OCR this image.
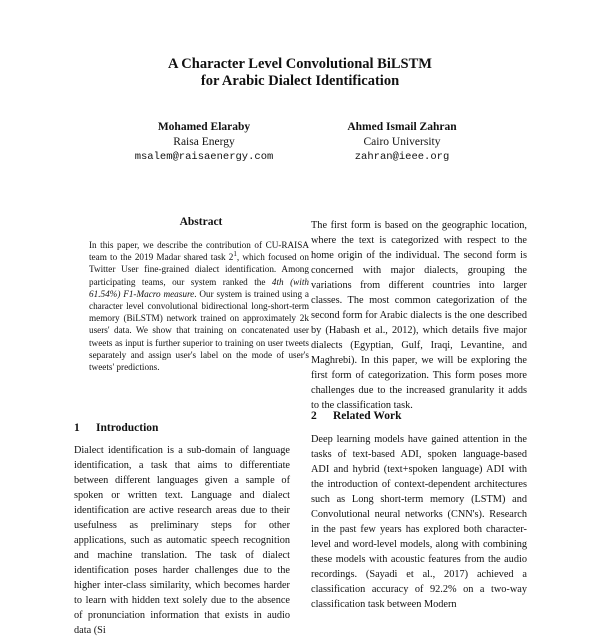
A Character Level Convolutional BiLSTM
for Arabic Dialect Identification
Mohamed Elaraby
Raisa Energy
msalem@raisaenergy.com
Ahmed Ismail Zahran
Cairo University
zahran@ieee.org
Abstract

In this paper, we describe the contribution of CU-RAISA team to the 2019 Madar shared task $2^1$, which focused on Twitter User fine-grained dialect identification. Among participating teams, our system ranked the 4th (with 61.54%) F1-Macro measure. Our system is trained using a character level convolutional bidirectional long-short-term memory (BiLSTM) network trained on approximately 2k users' data. We show that training on concatenated user tweets as input is further superior to training on user tweets separately and assign user's label on the mode of user's tweets' predictions.

1 Introduction

Dialect identification is a sub-domain of language identification, a task that aims to differentiate between different languages given a sample of spoken or written text. Language and dialect identification are active research areas due to their usefulness as preliminary steps for other applications, such as automatic speech recognition and machine translation. The task of dialect identification poses harder challenges due to the higher inter-class similarity, which becomes harder to learn with hidden text solely due to the absence of pronunciation information that exists in audio data (Si

The first form is based on the geographic location, where the text is categorized with respect to the home origin of the individual. The second form is concerned with major dialects, grouping the variations from different countries into larger classes. The most common categorization of the second form for Arabic dialects is the one described by (Habash et al., 2012), which details five major dialects (Egyptian, Gulf, Iraqi, Levantine, and Maghrebi). In this paper, we will be exploring the first form of categorization. This form poses more challenges due to the increased granularity it adds to the classification task.

2 Related Work

Deep learning models have gained attention in the tasks of text-based ADI, spoken language-based ADI and hybrid (text+spoken language) ADI with the introduction of context-dependent architectures such as Long short-term memory (LSTM) and Convolutional neural networks (CNN's). Research in the past few years has explored both character-level and word-level models, along with combining these models with acoustic features from the audio recordings. (Sayadi et al., 2017) achieved a classification accuracy of 92.2% on a two-way classification task between Modern
